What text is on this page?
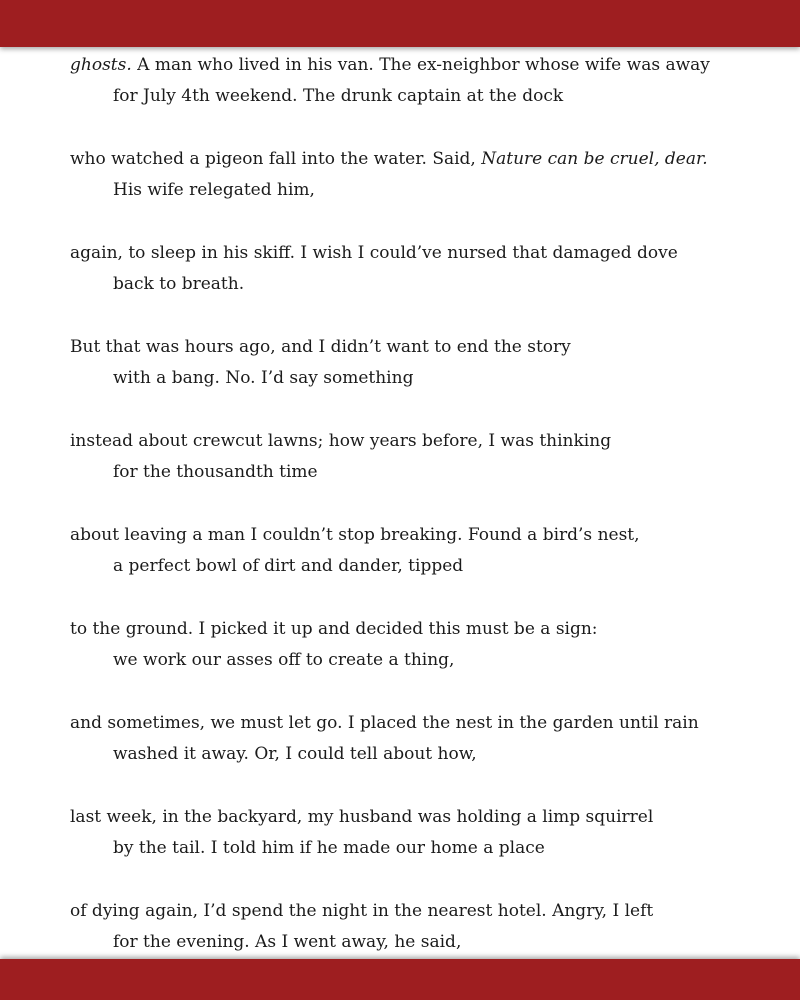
ghosts. A man who lived in his van. The ex-neighbor whose wife was away
for July 4th weekend. The drunk captain at the dock
who watched a pigeon fall into the water. Said, Nature can be cruel, dear.
His wife relegated him,
again, to sleep in his skiff. I wish I could’ve nursed that damaged dove
back to breath.
But that was hours ago, and I didn’t want to end the story
with a bang. No. I’d say something
instead about crewcut lawns; how years before, I was thinking
for the thousandth time
about leaving a man I couldn’t stop breaking. Found a bird’s nest,
a perfect bowl of dirt and dander, tipped
to the ground. I picked it up and decided this must be a sign:
we work our asses off to create a thing,
and sometimes, we must let go. I placed the nest in the garden until rain
washed it away. Or, I could tell about how,
last week, in the backyard, my husband was holding a limp squirrel
by the tail. I told him if he made our home a place
of dying again, I’d spend the night in the nearest hotel. Angry, I left
for the evening. As I went away, he said,
